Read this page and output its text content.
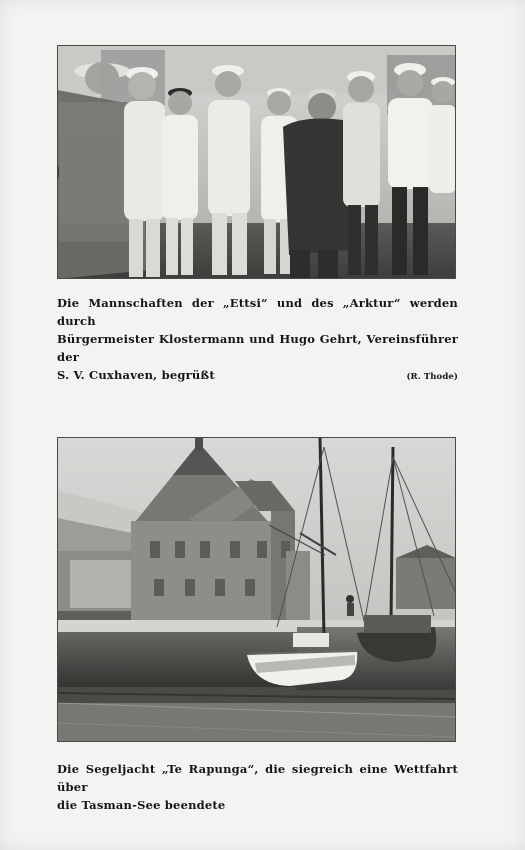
Die Mannschaften der „Ettsi“ und des „Arktur“ werden durch
Bürgermeister Klostermann und Hugo Gehrt, Vereinsführer der
S. V. Cuxhaven, begrüßt	(R. Thode)
Die Segeljacht „Te Rapunga“, die siegreich eine Wettfahrt über
die Tasman-See beendete
